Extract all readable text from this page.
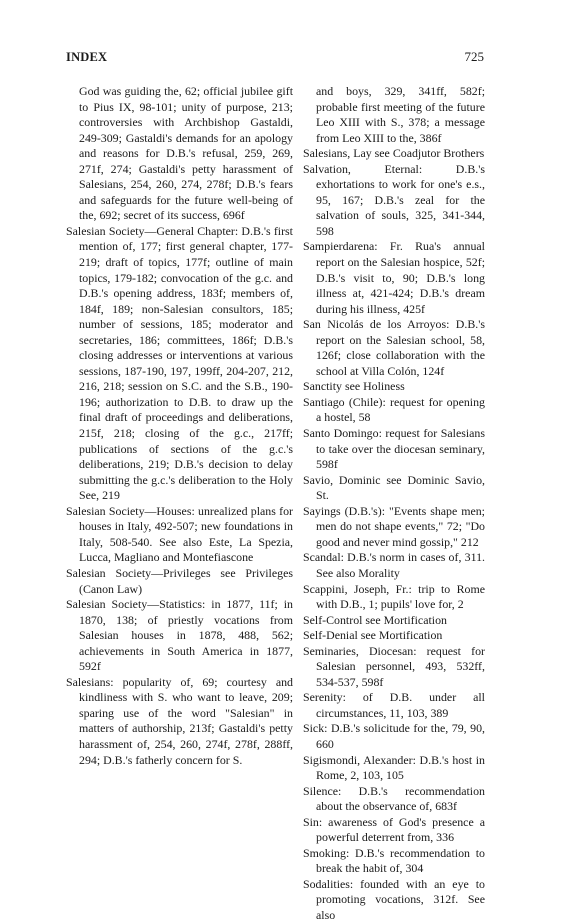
INDEX	725
God was guiding the, 62; official jubilee gift to Pius IX, 98-101; unity of purpose, 213; controversies with Archbishop Gastaldi, 249-309; Gastaldi's demands for an apology and reasons for D.B.'s refusal, 259, 269, 271f, 274; Gastaldi's petty harassment of Salesians, 254, 260, 274, 278f; D.B.'s fears and safeguards for the future well-being of the, 692; secret of its success, 696f
Salesian Society—General Chapter: D.B.'s first mention of, 177; first general chapter, 177-219; draft of topics, 177f; outline of main topics, 179-182; convocation of the g.c. and D.B.'s opening address, 183f; members of, 184f, 189; non-Salesian consultors, 185; number of sessions, 185; moderator and secretaries, 186; committees, 186f; D.B.'s closing addresses or interventions at various sessions, 187-190, 197, 199ff, 204-207, 212, 216, 218; session on S.C. and the S.B., 190-196; authorization to D.B. to draw up the final draft of proceedings and deliberations, 215f, 218; closing of the g.c., 217ff; publications of sections of the g.c.'s deliberations, 219; D.B.'s decision to delay submitting the g.c.'s deliberation to the Holy See, 219
Salesian Society—Houses: unrealized plans for houses in Italy, 492-507; new foundations in Italy, 508-540. See also Este, La Spezia, Lucca, Magliano and Montefiascone
Salesian Society—Privileges see Privileges (Canon Law)
Salesian Society—Statistics: in 1877, 11f; in 1870, 138; of priestly vocations from Salesian houses in 1878, 488, 562; achievements in South America in 1877, 592f
Salesians: popularity of, 69; courtesy and kindliness with S. who want to leave, 209; sparing use of the word "Salesian" in matters of authorship, 213f; Gastaldi's petty harassment of, 254, 260, 274f, 278f, 288ff, 294; D.B.'s fatherly concern for S.
and boys, 329, 341ff, 582f; probable first meeting of the future Leo XIII with S., 378; a message from Leo XIII to the, 386f
Salesians, Lay see Coadjutor Brothers
Salvation, Eternal: D.B.'s exhortations to work for one's e.s., 95, 167; D.B.'s zeal for the salvation of souls, 325, 341-344, 598
Sampierdarena: Fr. Rua's annual report on the Salesian hospice, 52f; D.B.'s visit to, 90; D.B.'s long illness at, 421-424; D.B.'s dream during his illness, 425f
San Nicolás de los Arroyos: D.B.'s report on the Salesian school, 58, 126f; close collaboration with the school at Villa Colón, 124f
Sanctity see Holiness
Santiago (Chile): request for opening a hostel, 58
Santo Domingo: request for Salesians to take over the diocesan seminary, 598f
Savio, Dominic see Dominic Savio, St.
Sayings (D.B.'s): "Events shape men; men do not shape events," 72; "Do good and never mind gossip," 212
Scandal: D.B.'s norm in cases of, 311. See also Morality
Scappini, Joseph, Fr.: trip to Rome with D.B., 1; pupils' love for, 2
Self-Control see Mortification
Self-Denial see Mortification
Seminaries, Diocesan: request for Salesian personnel, 493, 532ff, 534-537, 598f
Serenity: of D.B. under all circumstances, 11, 103, 389
Sick: D.B.'s solicitude for the, 79, 90, 660
Sigismondi, Alexander: D.B.'s host in Rome, 2, 103, 105
Silence: D.B.'s recommendation about the observance of, 683f
Sin: awareness of God's presence a powerful deterrent from, 336
Smoking: D.B.'s recommendation to break the habit of, 304
Sodalities: founded with an eye to promoting vocations, 312f. See also
